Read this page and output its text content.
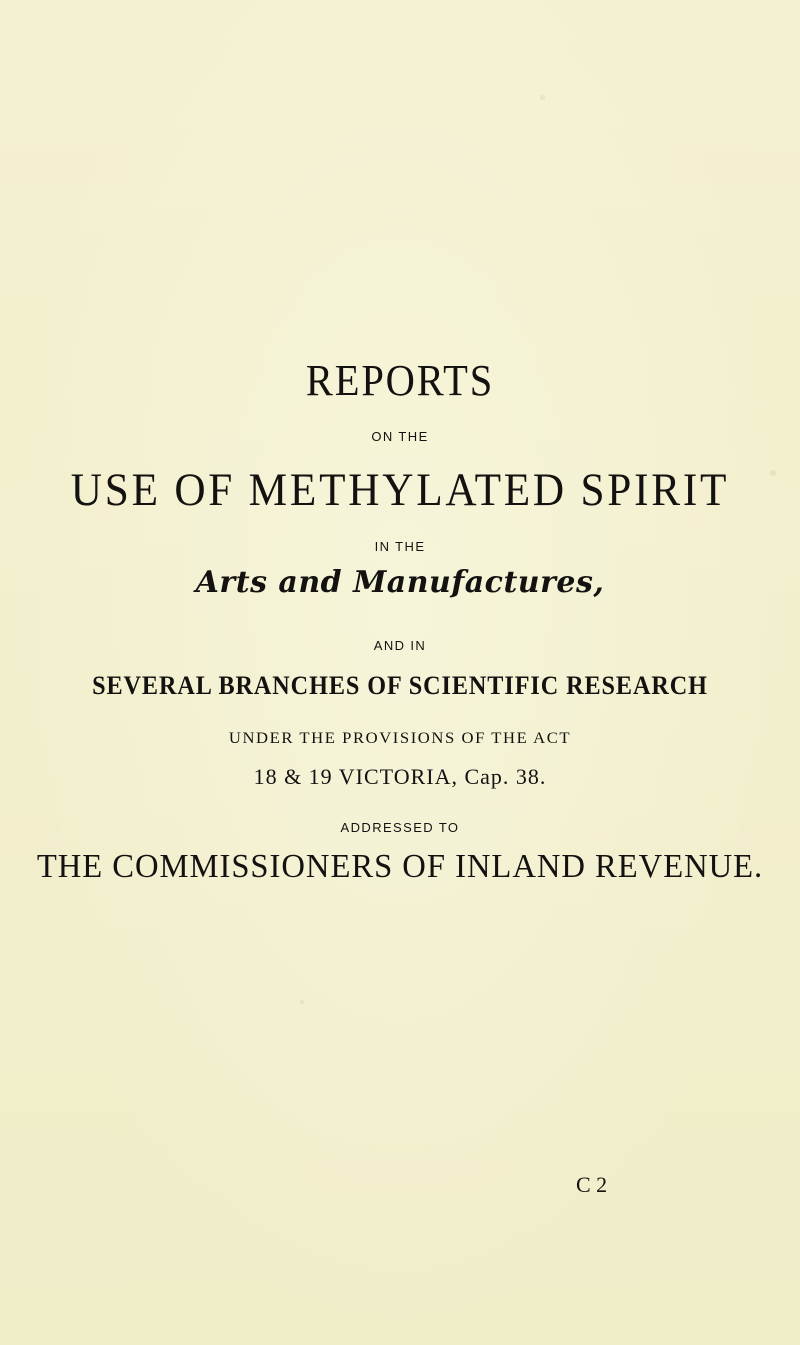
REPORTS
ON THE
USE OF METHYLATED SPIRIT
IN THE
Arts and Manufactures,
AND IN
SEVERAL BRANCHES OF SCIENTIFIC RESEARCH
UNDER THE PROVISIONS OF THE ACT
18 & 19 VICTORIA, Cap. 38.
ADDRESSED TO
THE COMMISSIONERS OF INLAND REVENUE.
C 2
